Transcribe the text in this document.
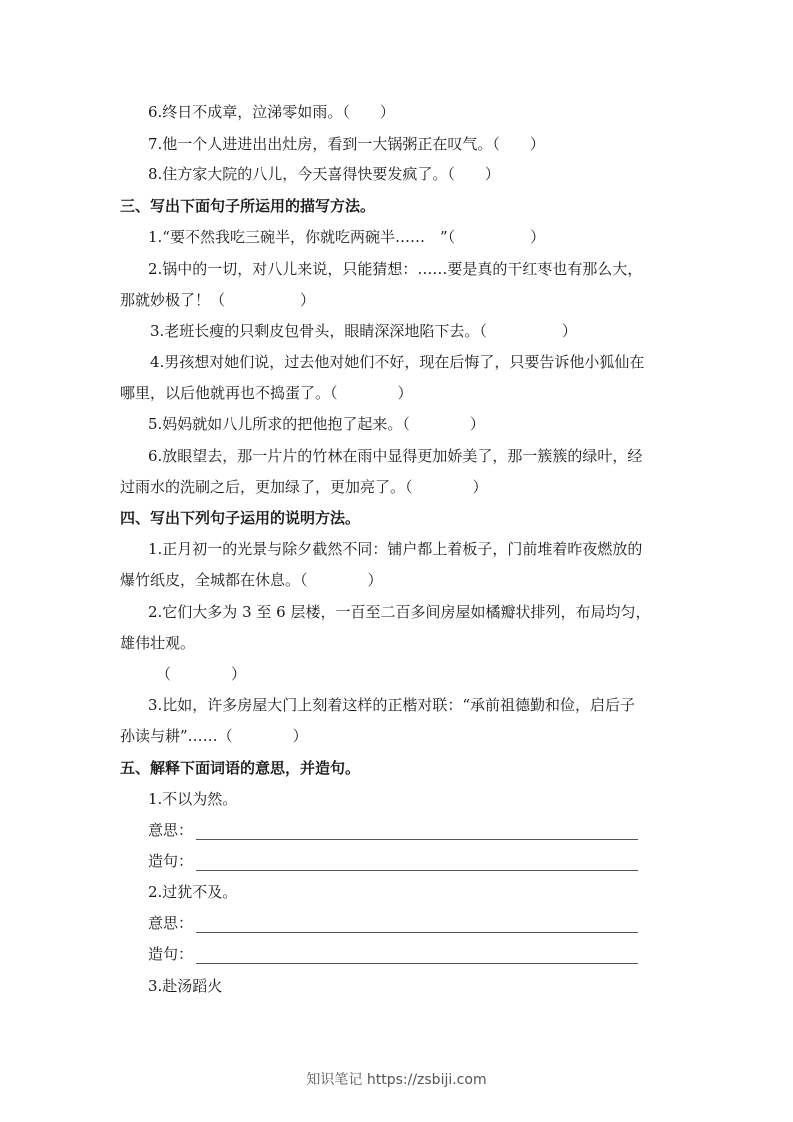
6.终日不成章，泣涕零如雨。（　　）
7.他一个人进进出出灶房，看到一大锅粥正在叹气。（　　）
8.住方家大院的八儿，今天喜得快要发疯了。（　　）
三、写出下面句子所运用的描写方法。
1.“要不然我吃三碗半，你就吃两碗半……　”（　　　　　）
2.锅中的一切，对八儿来说，只能猜想：……要是真的干红枣也有那么大，
那就妙极了！（　　　　　）
3.老班长瘦的只剩皮包骨头，眼睛深深地陷下去。（　　　　　）
4.男孩想对她们说，过去他对她们不好，现在后悔了，只要告诉他小狐仙在
哪里，以后他就再也不捣蛋了。（　　　　）
5.妈妈就如八儿所求的把他抱了起来。（　　　　）
6.放眼望去，那一片片的竹林在雨中显得更加娇美了，那一簇簇的绿叶，经
过雨水的洗刷之后，更加绿了，更加亮了。（　　　　）
四、写出下列句子运用的说明方法。
1.正月初一的光景与除夕截然不同：铺户都上着板子，门前堆着昨夜燃放的
爆竹纸皮，全城都在休息。（　　　　）
2.它们大多为 3 至 6 层楼，一百至二百多间房屋如橘瓣状排列，布局均匀，
雄伟壮观。
（　　　　）
3.比如，许多房屋大门上刻着这样的正楷对联：“承前祖德勤和俭，启后子
孙读与耕”……（　　　　）
五、解释下面词语的意思，并造句。
1.不以为然。
意思：
造句：
2.过犹不及。
意思：
造句：
3.赴汤蹈火
知识笔记 https://zsbiji.com
